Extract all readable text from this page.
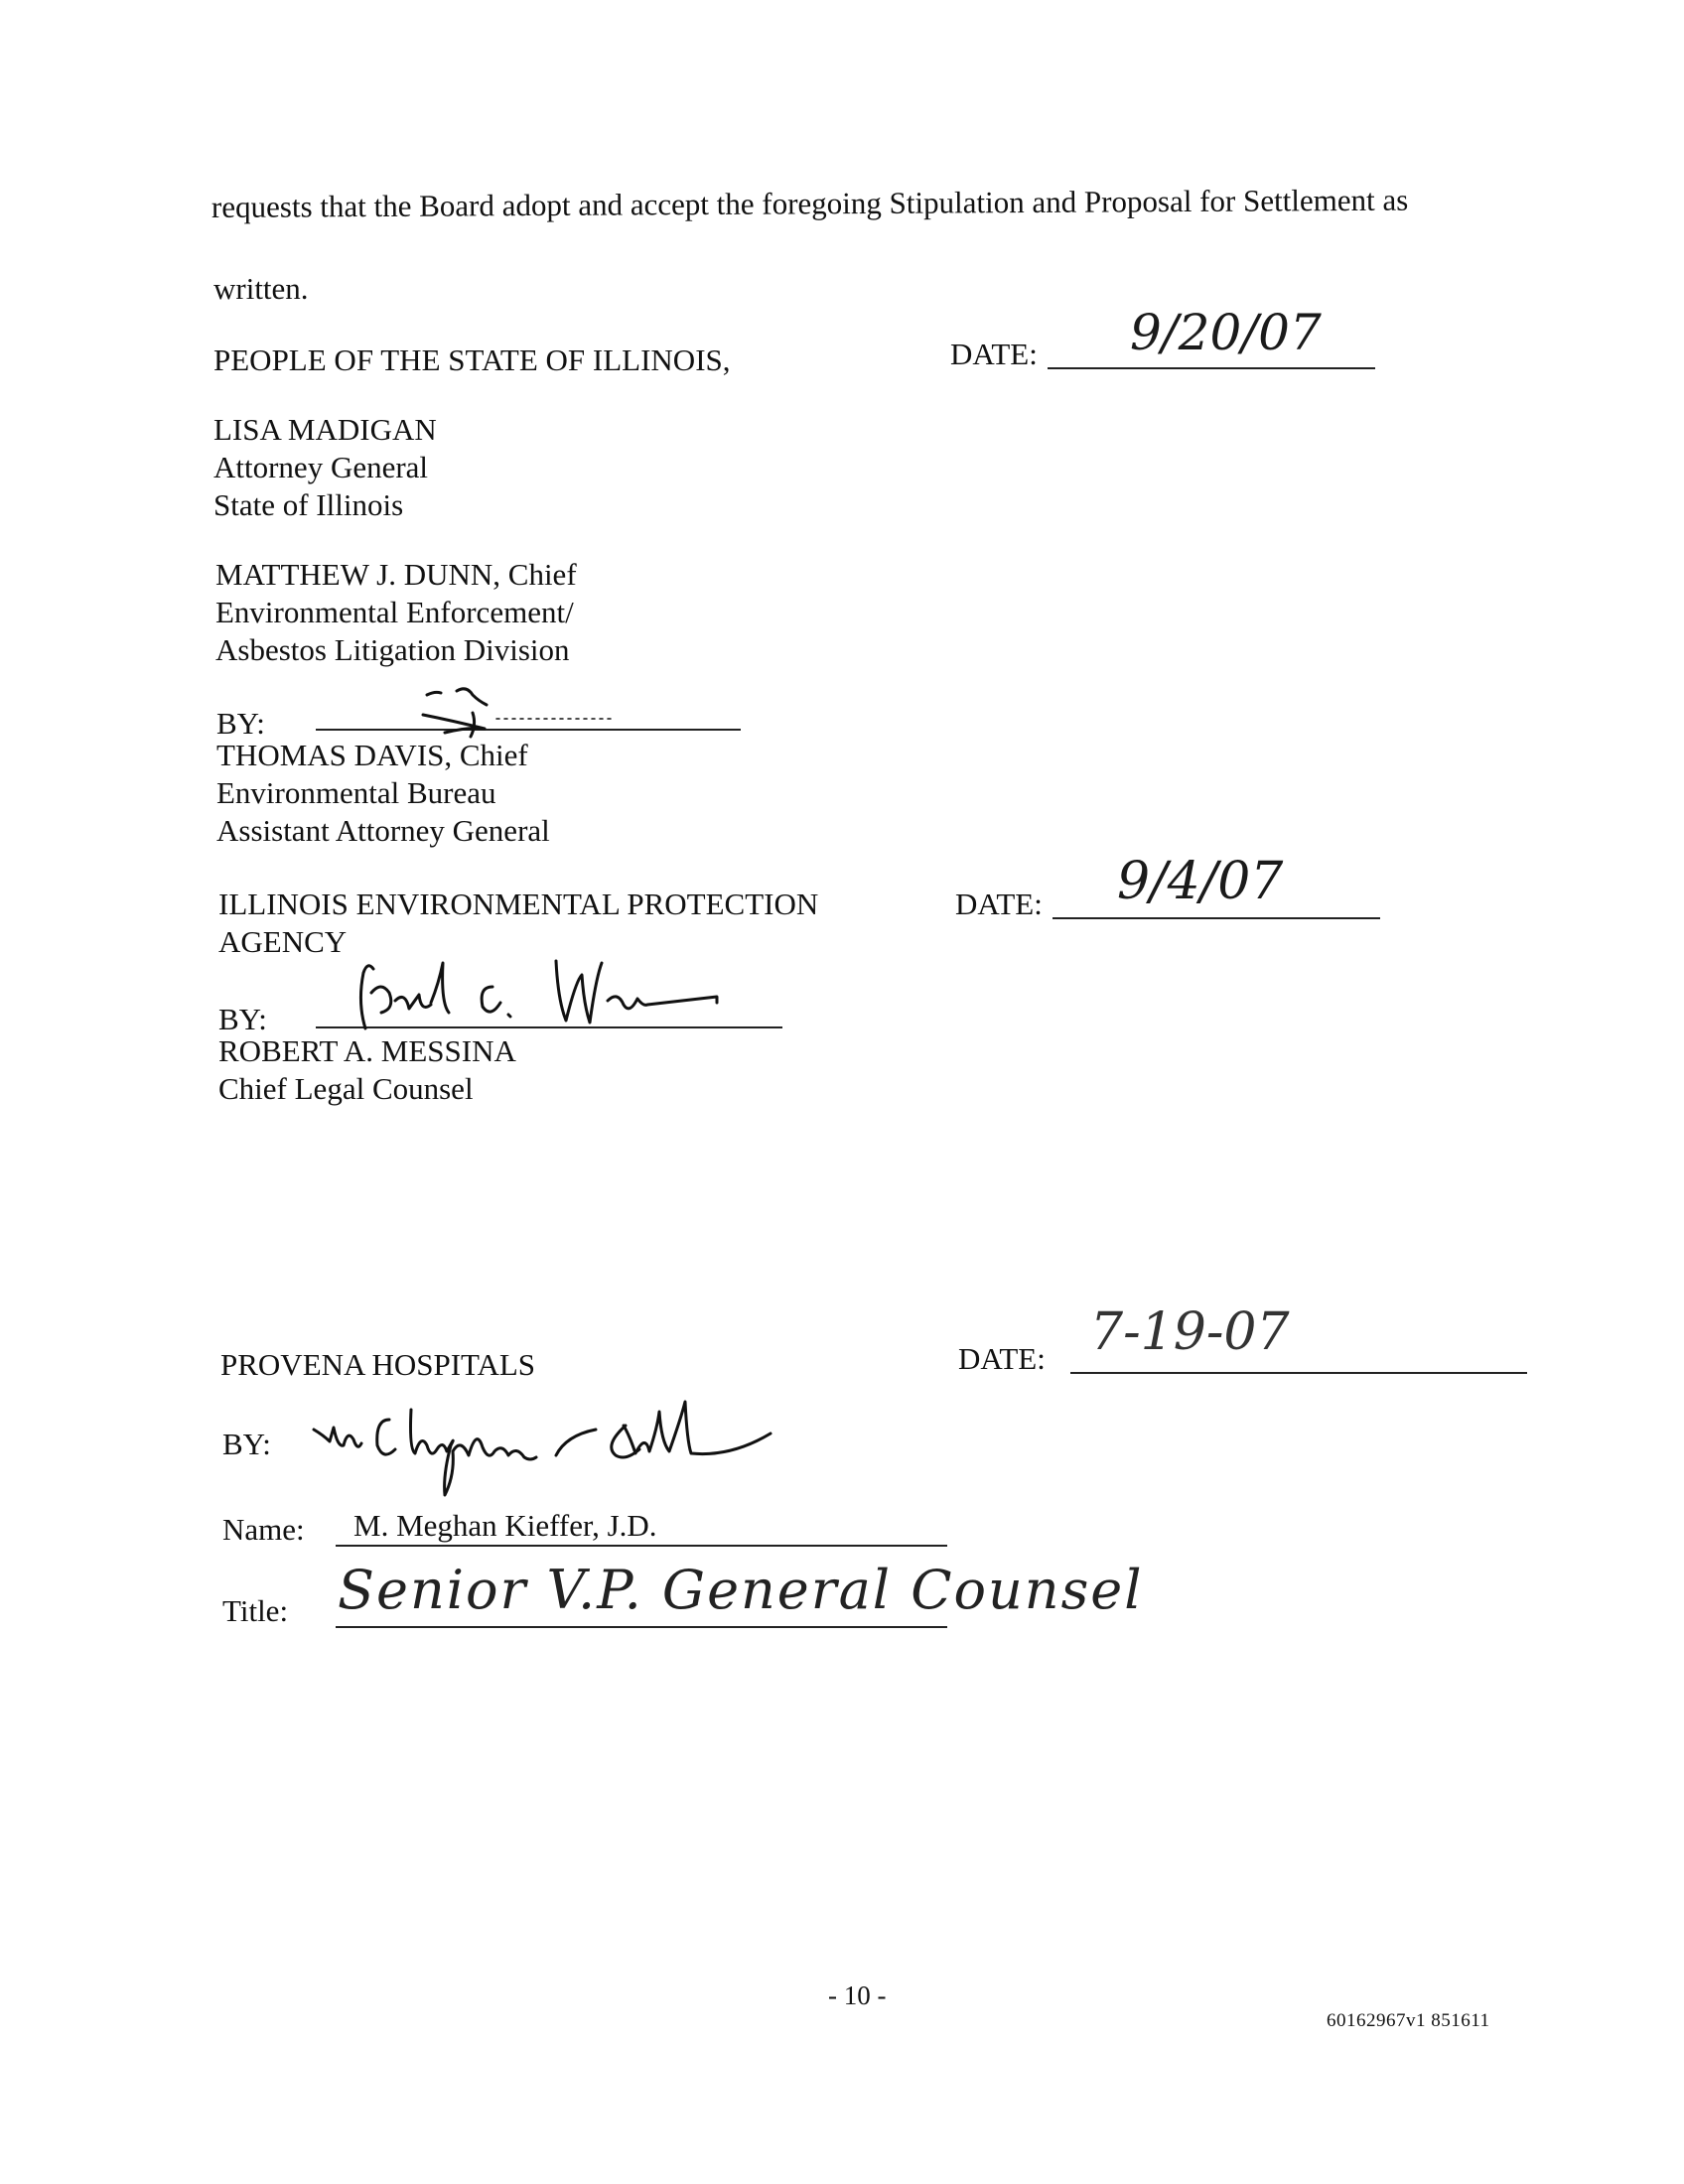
requests that the Board adopt and accept the foregoing Stipulation and Proposal for Settlement as
written.
PEOPLE OF THE STATE OF ILLINOIS,	DATE: 9/20/07
LISA MADIGAN
Attorney General
State of Illinois
MATTHEW J. DUNN, Chief
Environmental Enforcement/
Asbestos Litigation Division
BY:
THOMAS DAVIS, Chief
Environmental Bureau
Assistant Attorney General
ILLINOIS ENVIRONMENTAL PROTECTION
AGENCY
DATE: 9/4/07
BY:
ROBERT A. MESSINA
Chief Legal Counsel
PROVENA HOSPITALS	DATE: 7-19-07
BY:
Name: M. Meghan Kieffer, J.D.
Title: Senior V.P. General Counsel
- 10 -
60162967v1 851611
